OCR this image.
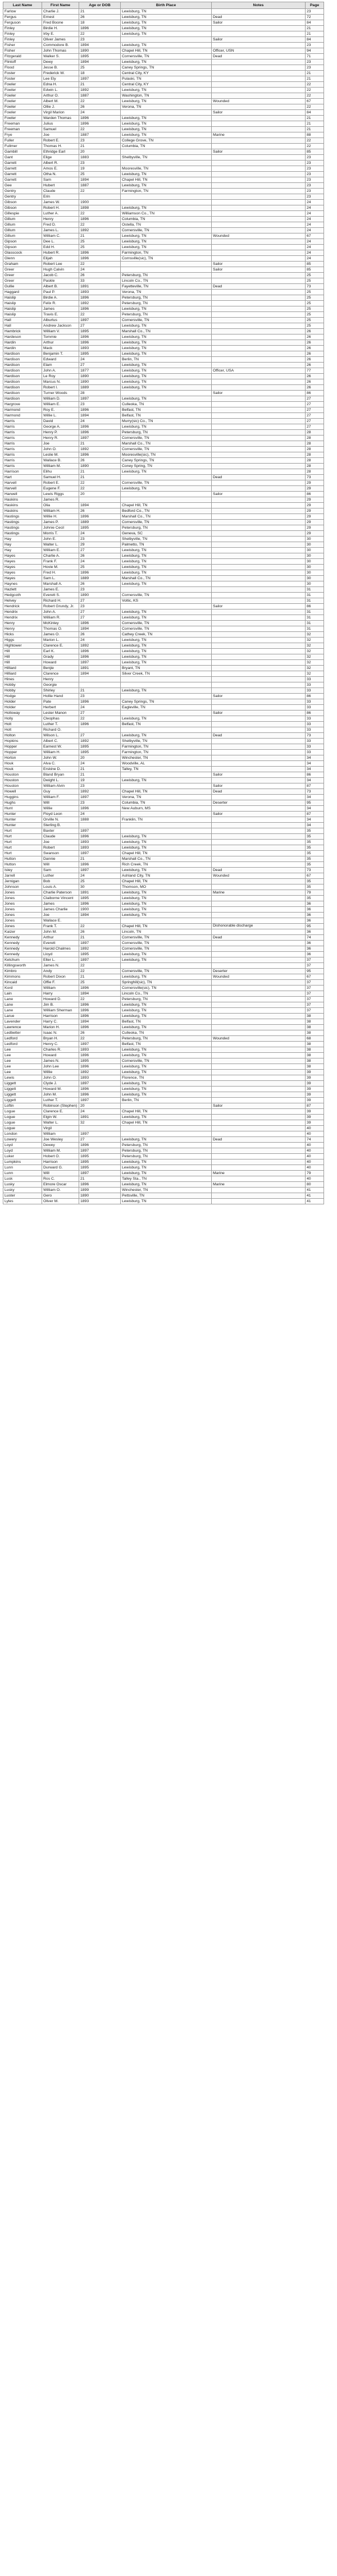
Last Name	First Name	Age or DOB	Birth Place	Notes	Page
Farlow	Charlie J.	21	Lewisburg, TN		23
Fergus	Ernest	26	Lewisburg, TN	Dead	72
Ferguson	Fred Boone	18	Lewisburg, TN	Sailor	84
Finley	Birdie H.	1896	Lewisburg, TN		21
Finley	Irby E.	22	Lewisburg, TN		21
Finley	Oliver James	23		Sailor	84
Fisher	Commodore B.	1894	Lewisburg, TN		23
Fisher	John Thomas	1890	Chapel Hill, TN	Officer, USN	94
Fitzgerald	Walker S.	1895	Cornersville, TN	Dead	71
Flintoff	Dewy	1894	Lewisburg, TN		23
Flood	Jesse B.	25	Caney Springs, TN		23
Foster	Frederick W.	18	Central City, KY		21
Foster	Lee Ely	1897	Pulaski, TN		21
Fowler	Edna H.	21	Central City, KY		22
Fowler	Edwin L.	1892	Lewisburg, TN		22
Fowler	Arthur O.	1887	Washington, TN		22
Fowler	Albert M.	22	Lewisburg, TN	Wounded	67
Fowler	Ollie J.	26	Verona, TN		22
Fowler	Virgil Marion	24		Sailor	84
Fowler	Warden Thomas	1896	Lewisburg, TN		21
Freeman	Julius	1896	Lewisburg, TN		21
Freeman	Samuel	22	Lewisburg, TN		21
Frye	Joe	1887	Lewisburg, TN	Marine	88
Fuller	Robert E.	23	College Grove, TN		22
Fullmer	Thomas H.	21	Columbia, TN		22
Gambill	Ethridge Earl	20		Sailor	85
Gant	Elige	1883	Shelbyville, TN		23
Garrett	Albert R.	23			23
Garrett	Amos E.	19	Mooresville, TN		23
Garrett	Otha N.	25	Lewisburg, TN		23
Garrett	Sam	1894	Chapel Hill, TN		23
Gee	Hubert	1887	Lewisburg, TN		23
Gentry	Claude	22	Farmington, TN		23
Gentry	Erin				23
Gibson	James W.	1900			24
Gibson	Robert H.	1898	Lewisburg, TN		24
Gillespie	Luther A.	22	Williamson Co., TN		24
Gillum	Henry	1896	Columbia, TN		24
Gillum	Fred D.	22	Ostella, TN		24
Gillum	James L.	1892	Cornersville, TN		24
Gillum	William C.	21	Lewisburg, TN	Wounded	67
Gipson	Dee L.	25	Lewisburg, TN		24
Gipson	Edd H.	25	Lewisburg, TN		24
Glasscock	Hubert R.	1896	Farmington, TN		24
Glenn	Elijah	1896	Cornsville(sic), TN		24
Graham	Robert Lee	22		Sailor	85
Greer	Hugh Calvin	24		Sailor	85
Greer	Jacob C.	26	Petersburg, TN		25
Greer	Paskle	33	Lincoln Co., TN		25
Gullie	Albert B.	1891	Fayetteville, TN	Dead	73
Haggard	Paul P.	1893	Verona, TN		25
Haislip	Birdie A.	1896	Petersburg, TN		25
Haislip	Felix R.	1892	Petersburg, TN		25
Haislip	James	1896	Lewisburg, TN		25
Haislip	Travis E.	22	Petersburg, TN		25
Hall	Alburtus	1897	Cornersville, TN		25
Hall	Andrew Jackson	27	Lewisburg, TN		25
Hambrick	William V.	1895	Marshall Co., TN		26
Hardeson	Tommie	1896	Lewisburg, TN		26
Hardin	Arthur	1896	Lewisburg, TN		26
Hardin	Mack	1893	Lewisburg, TN		26
Hardison	Benjamin T.	1895	Lewisburg, TN		26
Hardison	Edward	24	Berlin, TN		26
Hardison	Elam	27	Lewisburg, TN		26
Hardison	John A.	1877	Lewisburg, TN	Officer, USA	77
Hardison	Le Roy	1890	Lewisburg, TN		26
Hardison	Marcus N.	1890	Lewisburg, TN		26
Hardison	Robert I.	1889	Lewisburg, TN		26
Hardison	Turner Woods	28		Sailor	86
Hardison	William D.	1897	Lewisburg, TN		27
Hargrove	William E.	23	Culleoka, TN		27
Harmond	Roy E.	1896	Belfast, TN		27
Harmond	Willie L.	1894	Belfast, TN		27
Harris	David	24	Murry(sic) Co., TN		27
Harris	George A.	1896	Lewisburg, TN		27
Harris	Henry P.	1896	Petersburg, TN		28
Harris	Henry R.	1897	Cornersville, TN		28
Harris	Joe	21	Marshall Co., TN		28
Harris	John O.	1892	Cornersville, TN		28
Harris	Leslie M.	1896	Mooresville(sic), TN		28
Harris	Wallace B.	26	Caney Springs, TN		28
Harris	William M.	1890	Coney Spring, TN		28
Harrison	Elihu	21	Lewisburg, TN		28
Hart	Samuel H.	21		Dead	73
Harvell	Robert E.	22	Cornersville, TN		29
Harvell	Eugene F.	22	Lewisburg, TN		29
Harwell	Lewis Riggs	20		Sailor	86
Haskins	James R.				29
Haskins	Olia	1894	Chapel Hill, TN		29
Haskins	William H.	26	Bedford Co., TN		29
Hastings	Willie H.	1896	Marshall Co., TN		29
Hastings	James P.	1889	Cornersville, TN		29
Hastings	Johnie Cecil	1895	Petersburg, TN		29
Hastings	Morris T.	24	Geneva, SC		29
Hay	John E.	23	Shelbyville, TN		30
Hay	Walter L.	29	Palmetto, TN		30
Hay	William E.	27	Lewisburg, TN		30
Hayes	Charlie A.	26	Lewisburg, TN		30
Hayes	Frank F.	24	Lewisburg, TN		30
Hayes	Hovie M.	25	Lewisburg, TN		30
Hayes	Fred H.	1896	Lewisburg, TN		30
Hayes	Sam L.	1889	Marshall Co., TN		30
Haynes	Marshall A.	26	Lewisburg, TN		30
Hazlett	James E.	23			31
Hedgcoth	Everett S.	1890	Cornersville, TN		31
Helvey	Richard H.	27	Voltic, KS		31
Hendrick	Robert Grundy, Jr.	23		Sailor	86
Hendrix	John A.	27	Lewisburg, TN		31
Hendrix	William R.	27	Lewisburg, TN		31
Henry	McKinley	1896	Cornersville, TN		31
Henry	Thomas O.	1894	Cornersville, TN		31
Hicks	James O.	26	Cathey Creek, TN		32
Higgs	Marion L.	24	Lewisburg, TN		32
Hightower	Clarence E.	1892	Lewisburg, TN		32
Hill	Earl K.	1896	Lewisburg, TN		32
Hill	Grady	1896	Lewisburg, TN		32
Hill	Howard	1897	Lewisburg, TN		32
Hilliard	Benjie	1891	Bryant, TN		32
Hilliard	Clarence	1894	Silver Creek, TN		32
Hines	Henry				33
Hobby	Georgie				33
Hobby	Shirley	21	Lewisburg, TN		33
Hodge	Hollie Hand	23		Sailor	86
Holder	Pate	1896	Caney Springs, TN		33
Holder	Herbert	24	Eagleville, TN		33
Holloway	Lester Manon	27		Sailor	86
Holly	Cleophas	22	Lewisburg, TN		33
Holt	Luther T.	1896	Belfast, TN		33
Holt	Richard O.				33
Holton	Wilson L.	27	Lewisburg, TN	Dead	73
Hopkins	Albert C.	1892	Shelbyville, TN		33
Hopper	Earnest W.	1895	Farmington, TN		33
Hopper	William H.	1895	Farmington, TN		33
Horton	John W.	20	Winchester, TN		34
Houk	Alva C.	24	Woodville, AL		34
Houk	Erskine D.	21	Talley, TN		34
Houston	Bland Bryan	21		Sailor	86
Houston	Dwight L.	19	Lewisburg, TN		34
Houston	William Alvin	23		Sailor	87
Howell	Guy	1892	Chapel Hill, TN	Dead	73
Huggins	William F.	1897	Verona, TN		34
Hughs	Will	23	Columbia, TN	Deserter	95
Hunt	Willie	1896	New Auburn, MS		34
Hunter	Floyd Leon	24		Sailor	87
Hunter	Orville N.	1888	Franklin, TN		34
Hunter	Sterling B.				34
Hurt	Baxter	1897			35
Hurt	Claude	1896	Lewisburg, TN		35
Hurt	Joe	1893	Lewisburg, TN		35
Hurt	Robert	1893	Lewisburg, TN		35
Hurt	Swanson	1897	Chapel Hill, TN		35
Hutton	Dannie	21	Marshall Co., TN		35
Hutton	Will	1896	Rich Creek, TN		35
Isley	Sam	1897	Lewisburg, TN	Dead	73
Jarrell	Luther	24	Ashland City, TN	Wounded	67
Jernigan	Bob	25	Chapel Hill, TN		35
Johnson	Louis A.	30	Thomson, MO		35
Jones	Charlie Paterson	1891	Lewisburg, TN	Marine	79
Jones	Claiborne Vincent	1895	Lewisburg, TN		35
Jones	James	1896	Lewisburg, TN		36
Jones	James Charlie	1900	Lewisburg, TN		36
Jones	Joe	1894	Lewisburg, TN		36
Jones	Wallace E.				36
Jones	Frank T.	22	Chapel Hill, TN	Dishonorable discharge	95
Kaizer	John M.	26	Lincoln, TN		36
Kennedy	Arthur	21	Cornersville, TN	Dead	74
Kennedy	Everett	1897	Cornersville, TN		36
Kennedy	Harold Chalmes	1892	Cornersville, TN		36
Kennedy	Lloyd	1895	Lewisburg, TN		36
Ketchum	Elter L.	1897	Lewisburg, TN		37
Killingsworth	James N.	22			37
Kimbro	Andy	22	Cornersville, TN	Deserter	95
Kimmons	Robert Dixon	21	Lewisburg, TN	Wounded	67
Kincaid	Offie F.	25	Springhill(sic), TN		37
Kord	William	1896	Cornersville(sic), TN		37
Lain	Harry	1894	Lincoln Co., TN		37
Lane	Howard D.	22	Petersburg, TN		37
Lane	Jim B.	1896	Lewisburg, TN		37
Lane	William Sherman	1896	Lewisburg, TN		37
Larue	Harrison	1896	Lewisburg, TN		38
Lavender	Harry C.	1894	Belfast, TN		38
Lawrence	Marion H.	1896	Lewisburg, TN		38
Ledbetter	Isaac N.	26	Culleoka, TN		38
Ledford	Bryan H.	22	Petersburg, TN	Wounded	68
Ledford	Henry C.	1897	Belfast, TN		38
Lee	Charles R.	1893	Lewisburg, TN		38
Lee	Howard	1896	Lewisburg, TN		38
Lee	James N.	1895	Cornersville, TN		38
Lee	John Lee	1896	Lewisburg, TN		38
Lee	Willie	1892	Lewisburg, TN		39
Lewis	John O.	1893	Florence, TN		39
Liggett	Clyde J.	1897	Lewisburg, TN		39
Liggett	Howard M.	1896	Lewisburg, TN		39
Liggett	John M.	1896	Lewisburg, TN		39
Liggett	Luther T.	1897	Berlin, TN		39
Loftin	Robinson (Stephen)	20		Sailor	87
Logue	Clarence E.	24	Chapel Hill, TN		39
Logue	Elgin W.	1891	Lewisburg, TN		39
Logue	Walter L.	32	Chapel Hill, TN		39
Logue	Virgil				40
London	William	1897			40
Lowery	Joe Wesley	27	Lewisburg, TN	Dead	74
Loyd	Dewey	1896	Petersburg, TN		40
Loyd	William M.	1897	Petersburg, TN		40
Luker	Hobert O.	1895	Petersburg, TN		40
Lumpkins	Harrison	1895	Lewisburg, TN		40
Lunn	Durward G.	1895	Lewisburg, TN		40
Lunn	Will	1897	Lewisburg, TN	Marine	79
Lusk	Ros C.	21	Talley Sta., TN		40
Lusky	Elmore Oscar	1896	Lewisburg, TN	Marine	80
Lusky	William O.	1899	Winchester, TN		41
Luster	Gero	1890	Pettsville, TN		41
Lyles	Oliver M.	1893	Lewisburg, TN		41
